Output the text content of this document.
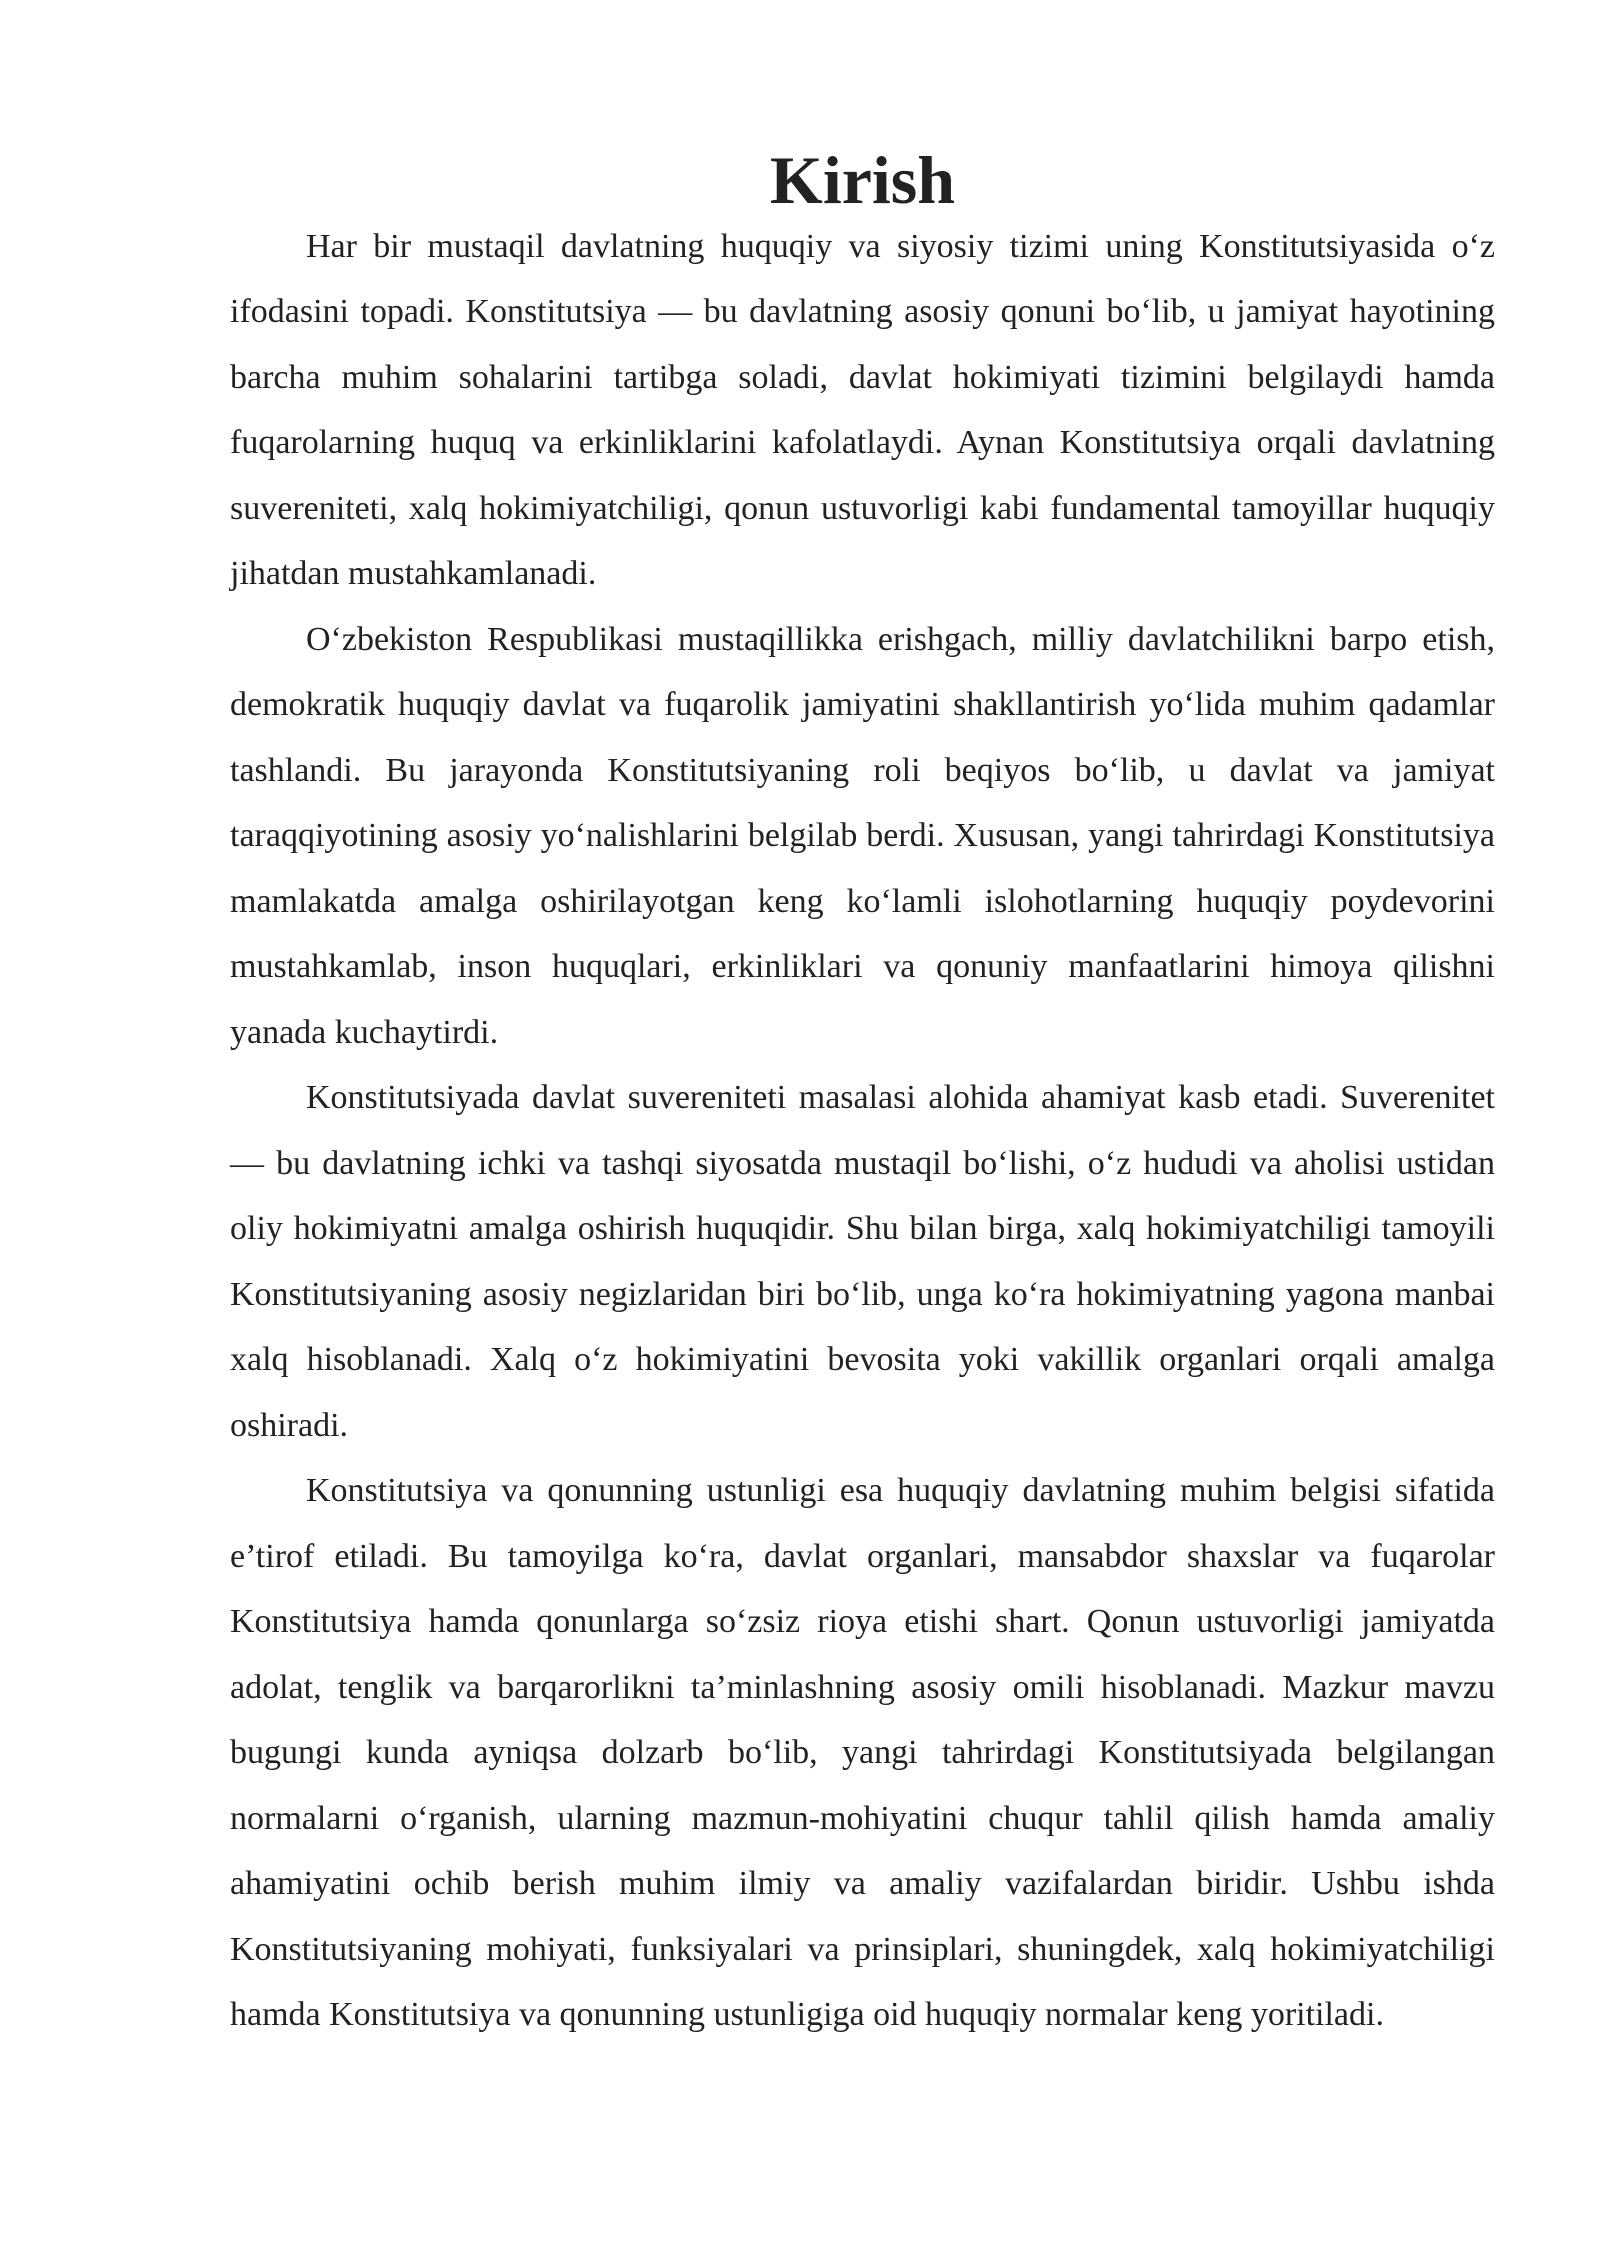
Kirish

Har bir mustaqil davlatning huquqiy va siyosiy tizimi uning Konstitutsiyasida o‘z ifodasini topadi. Konstitutsiya — bu davlatning asosiy qonuni bo‘lib, u jamiyat hayotining barcha muhim sohalarini tartibga soladi, davlat hokimiyati tizimini belgilaydi hamda fuqarolarning huquq va erkinliklarini kafolatlaydi. Aynan Konstitutsiya orqali davlatning suvereniteti, xalq hokimiyatchiligi, qonun ustuvorligi kabi fundamental tamoyillar huquqiy jihatdan mustahkamlanadi.

O‘zbekiston Respublikasi mustaqillikka erishgach, milliy davlatchilikni barpo etish, demokratik huquqiy davlat va fuqarolik jamiyatini shakllantirish yo‘lida muhim qadamlar tashlandi. Bu jarayonda Konstitutsiyaning roli beqiyos bo‘lib, u davlat va jamiyat taraqqiyotining asosiy yo‘nalishlarini belgilab berdi. Xususan, yangi tahrirdagi Konstitutsiya mamlakatda amalga oshirilayotgan keng ko‘lamli islohotlarning huquqiy poydevorini mustahkamlab, inson huquqlari, erkinliklari va qonuniy manfaatlarini himoya qilishni yanada kuchaytirdi.

Konstitutsiyada davlat suvereniteti masalasi alohida ahamiyat kasb etadi. Suverenitet — bu davlatning ichki va tashqi siyosatda mustaqil bo‘lishi, o‘z hududi va aholisi ustidan oliy hokimiyatni amalga oshirish huquqidir. Shu bilan birga, xalq hokimiyatchiligi tamoyili Konstitutsiyaning asosiy negizlaridan biri bo‘lib, unga ko‘ra hokimiyatning yagona manbai xalq hisoblanadi. Xalq o‘z hokimiyatini bevosita yoki vakillik organlari orqali amalga oshiradi.

Konstitutsiya va qonunning ustunligi esa huquqiy davlatning muhim belgisi sifatida e’tirof etiladi. Bu tamoyilga ko‘ra, davlat organlari, mansabdor shaxslar va fuqarolar Konstitutsiya hamda qonunlarga so‘zsiz rioya etishi shart. Qonun ustuvorligi jamiyatda adolat, tenglik va barqarorlikni ta’minlashning asosiy omili hisoblanadi. Mazkur mavzu bugungi kunda ayniqsa dolzarb bo‘lib, yangi tahrirdagi Konstitutsiyada belgilangan normalarni o‘rganish, ularning mazmun-mohiyatini chuqur tahlil qilish hamda amaliy ahamiyatini ochib berish muhim ilmiy va amaliy vazifalardan biridir. Ushbu ishda Konstitutsiyaning mohiyati, funksiyalari va prinsiplari, shuningdek, xalq hokimiyatchiligi hamda Konstitutsiya va qonunning ustunligiga oid huquqiy normalar keng yoritiladi.
